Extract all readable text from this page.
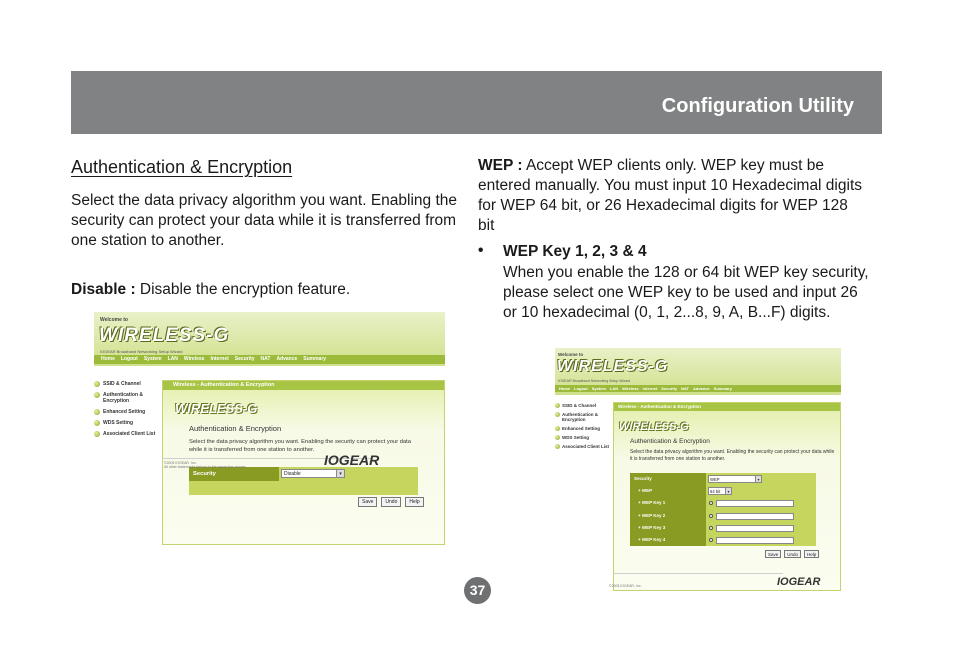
Configuration Utility
Authentication & Encryption
Select the data privacy algorithm you want. Enabling the security can protect your data while it is transferred from one station to another.
Disable : Disable the encryption feature.
WEP : Accept WEP clients only. WEP key must be entered manually. You must input 10 Hexadecimal digits for WEP 64 bit, or 26 Hexadecimal digits for WEP 128 bit
• WEP Key 1, 2, 3 & 4
When you enable the 128 or 64 bit WEP key security, please select one WEP key to be used and input 26 or 10 hexadecimal (0, 1, 2...8, 9, A, B...F) digits.
Welcome to
WIRELESS-G
IOGEAR Broadband Networking Setup Wizard
Home	Logout	System	LAN	Wireless	Internet	Security	NAT	Advance	Summary
SSID & Channel
Authentication & Encryption
Enhanced Setting
WDS Setting
Associated Client List
Wireless - Authentication & Encryption
WIRELESS-G
Authentication & Encryption
Select the data privacy algorithm you want. Enabling the security can protect your data while it is transferred from one station to another.
Security	Disable	▾
Save	Undo	Help
©2003 IOGEAR, Inc.
All other trademarks belong to the respective owners	IOGEAR
Welcome to
WIRELESS-G
IOGEAR Broadband Networking Setup Wizard
Home	Logout	System	LAN	Wireless	Internet	Security	NAT	Advance	Summary
SSID & Channel
Authentication & Encryption
Enhanced Setting
WDS Setting
Associated Client List
Wireless - Authentication & Encryption
WIRELESS-G
Authentication & Encryption
Select the data privacy algorithm you want. Enabling the security can protect your data while it is transferred from one station to another.
Security	WEP	▾
+ WEP	64 bit	▾
+ WEP Key 1
+ WEP Key 2
+ WEP Key 3
+ WEP Key 4
Save	Undo	Help
©2003 IOGEAR, Inc.	IOGEAR
37
